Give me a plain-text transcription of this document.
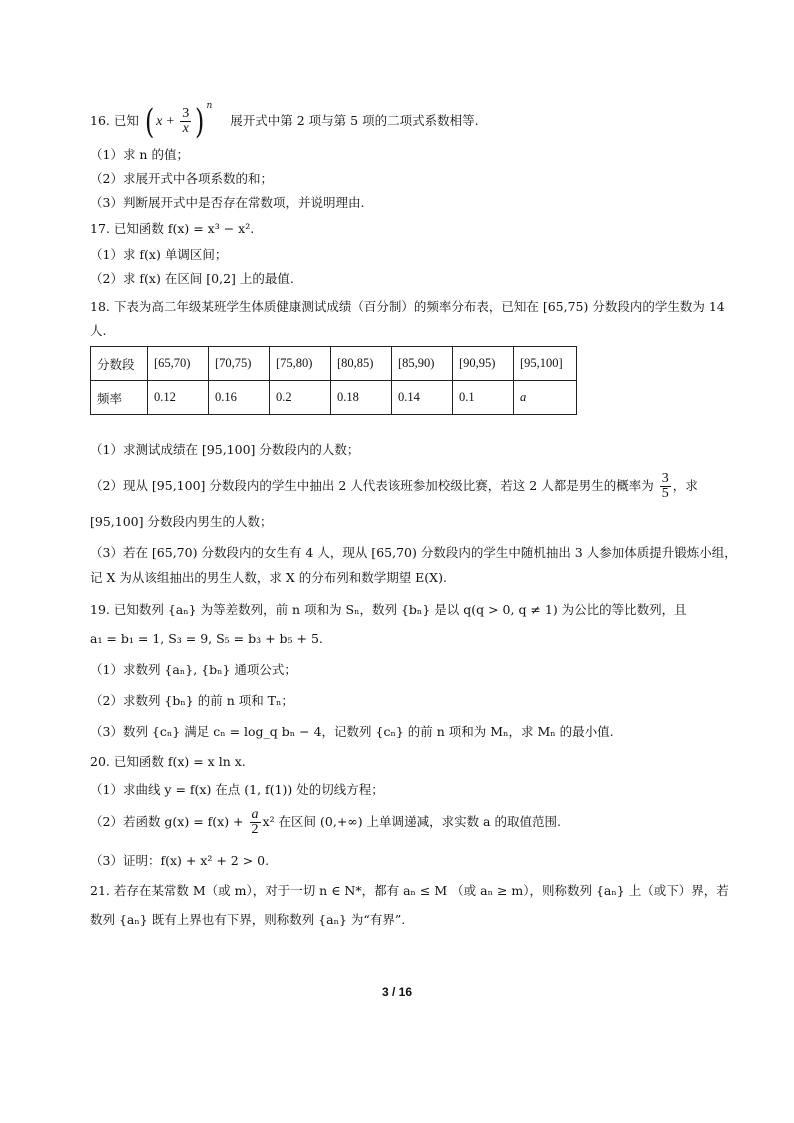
16. 已知 ( $x + \frac{3}{x}$ ) $^n$ 展开式中第 2 项与第 5 项的二项式系数相等.
（1）求 n 的值；
（2）求展开式中各项系数的和；
（3）判断展开式中是否存在常数项，并说明理由.
17. 已知函数 f(x) = x³ − x².
（1）求 f(x) 单调区间；
（2）求 f(x) 在区间 [0,2] 上的最值.
18. 下表为高二年级某班学生体质健康测试成绩（百分制）的频率分布表，已知在 [65,75) 分数段内的学生数为 14
人.
分数段	[65,70)	[70,75)	[75,80)	[80,85)	[85,90)	[90,95)	[95,100]
频率	0.12	0.16	0.2	0.18	0.14	0.1	a
（1）求测试成绩在 [95,100] 分数段内的人数；
（2）现从 [95,100] 分数段内的学生中抽出 2 人代表该班参加校级比赛，若这 2 人都是男生的概率为 $\frac{3}{5}$ ，求
[95,100] 分数段内男生的人数；
（3）若在 [65,70) 分数段内的女生有 4 人，现从 [65,70) 分数段内的学生中随机抽出 3 人参加体质提升锻炼小组，
记 X 为从该组抽出的男生人数，求 X 的分布列和数学期望 E(X).
19. 已知数列 {aₙ} 为等差数列，前 n 项和为 Sₙ，数列 {bₙ} 是以 q(q > 0, q ≠ 1) 为公比的等比数列，且
a₁ = b₁ = 1, S₃ = 9, S₅ = b₃ + b₅ + 5.
（1）求数列 {aₙ}, {bₙ} 通项公式；
（2）求数列 {bₙ} 的前 n 项和 Tₙ；
（3）数列 {cₙ} 满足 cₙ = log_q bₙ − 4，记数列 {cₙ} 的前 n 项和为 Mₙ，求 Mₙ 的最小值.
20. 已知函数 f(x) = x ln x.
（1）求曲线 y = f(x) 在点 (1, f(1)) 处的切线方程；
（2）若函数 $g(x) = f(x) + \frac{a}{2} x^2$ 在区间 (0,+∞) 上单调递减，求实数 a 的取值范围.
（3）证明：f(x) + x² + 2 > 0.
21. 若存在某常数 M（或 m），对于一切 n ∈ N*，都有 aₙ ≤ M （或 aₙ ≥ m），则称数列 {aₙ} 上（或下）界，若
数列 {aₙ} 既有上界也有下界，则称数列 {aₙ} 为“有界”.
3 / 16
